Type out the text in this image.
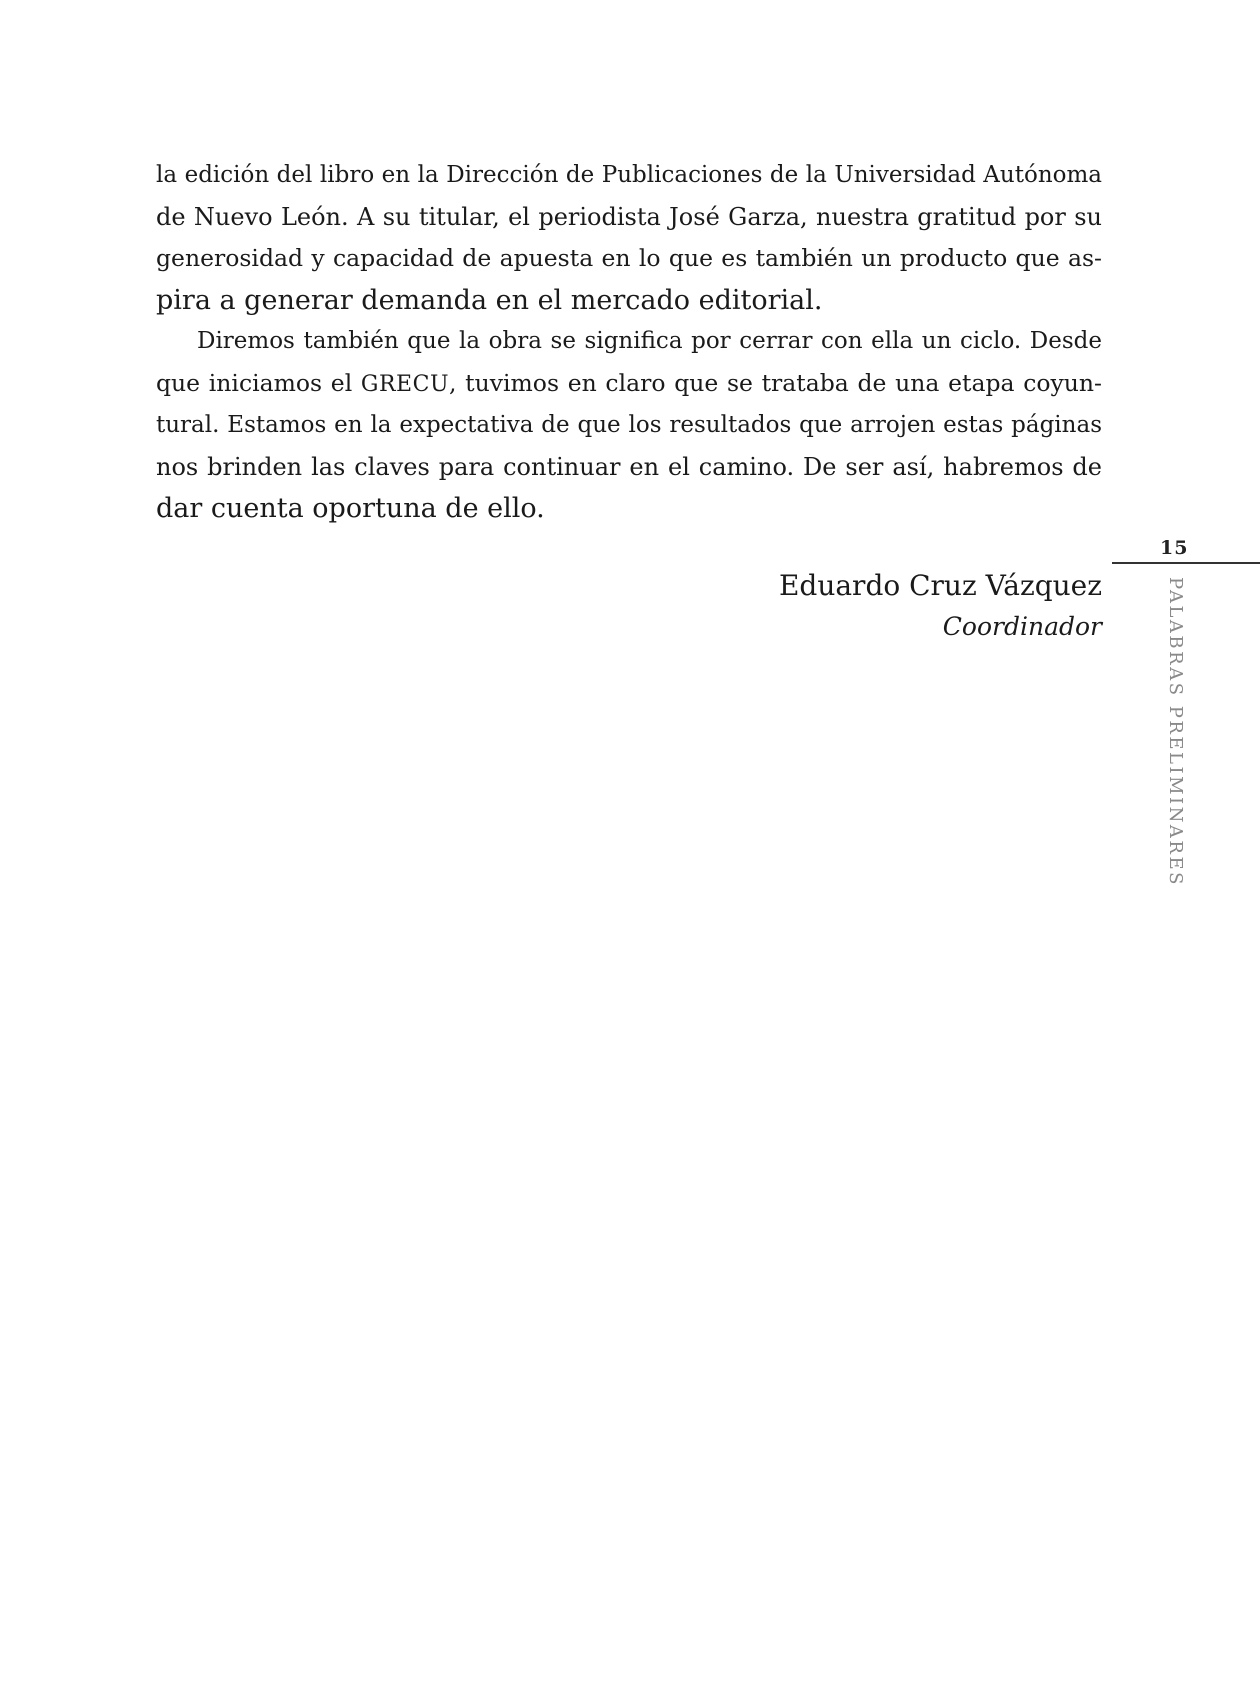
la edición del libro en la Dirección de Publicaciones de la Universidad Autónoma
de Nuevo León. A su titular, el periodista José Garza, nuestra gratitud por su
generosidad y capacidad de apuesta en lo que es también un producto que as-
pira a generar demanda en el mercado editorial.

Diremos también que la obra se significa por cerrar con ella un ciclo. Desde
que iniciamos el GRECU, tuvimos en claro que se trataba de una etapa coyun-
tural. Estamos en la expectativa de que los resultados que arrojen estas páginas
nos brinden las claves para continuar en el camino. De ser así, habremos de
dar cuenta oportuna de ello.

Eduardo Cruz Vázquez
Coordinador
15
PALABRAS PRELIMINARES
